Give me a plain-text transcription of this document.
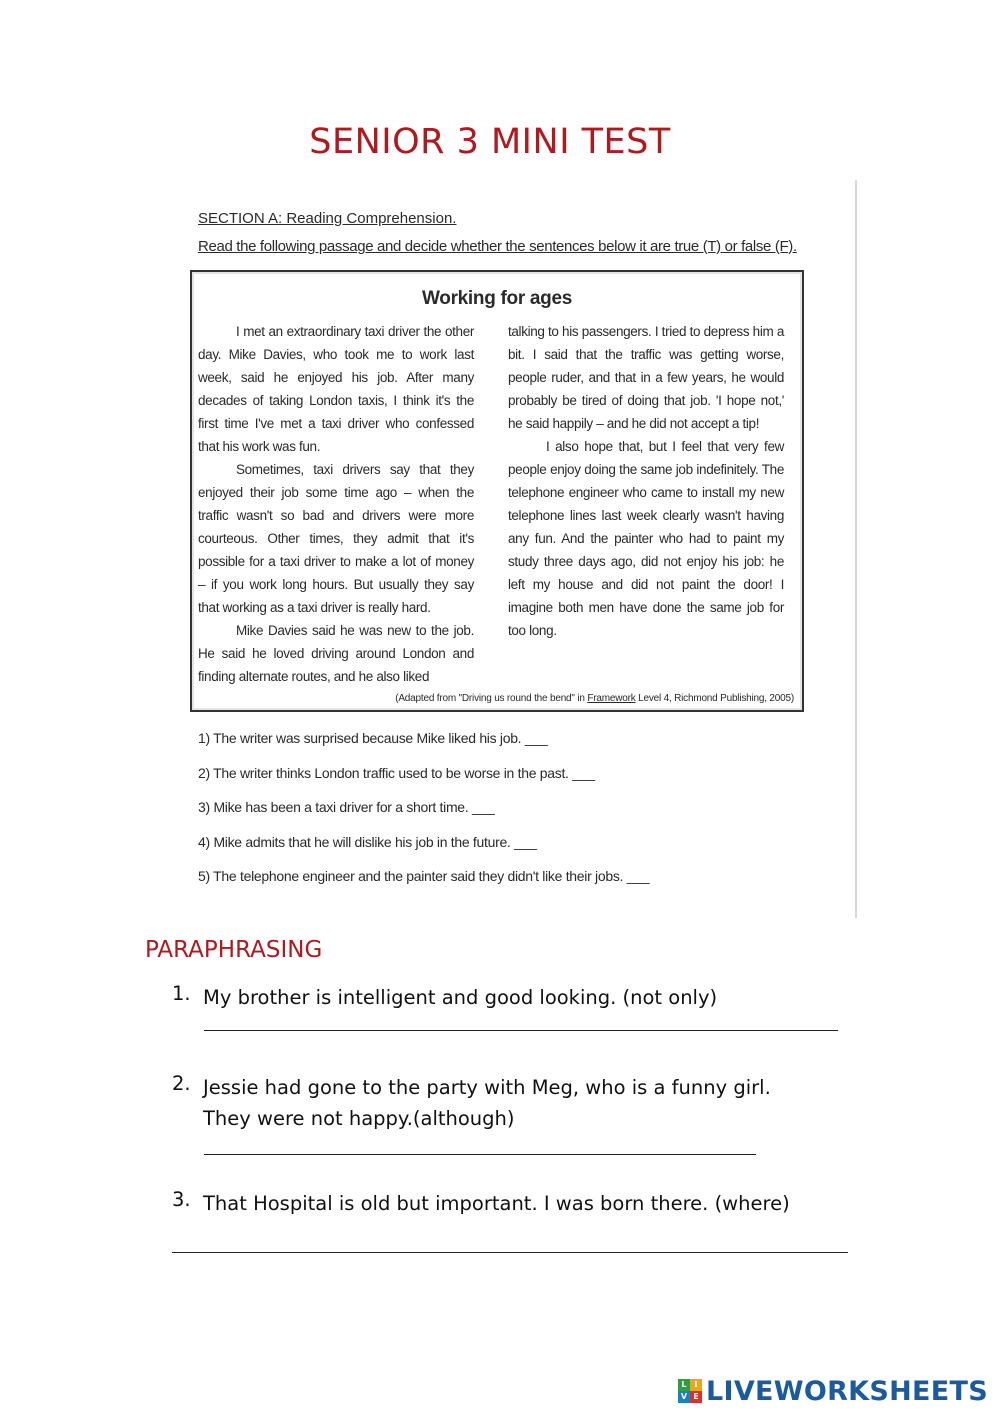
SENIOR 3 MINI TEST
SECTION A: Reading Comprehension.
Read the following passage and decide whether the sentences below it are true (T) or false (F).
Working for ages

I met an extraordinary taxi driver the other day. Mike Davies, who took me to work last week, said he enjoyed his job. After many decades of taking London taxis, I think it's the first time I've met a taxi driver who confessed that his work was fun.

Sometimes, taxi drivers say that they enjoyed their job some time ago – when the traffic wasn't so bad and drivers were more courteous. Other times, they admit that it's possible for a taxi driver to make a lot of money – if you work long hours. But usually they say that working as a taxi driver is really hard.

Mike Davies said he was new to the job. He said he loved driving around London and finding alternate routes, and he also liked

talking to his passengers. I tried to depress him a bit. I said that the traffic was getting worse, people ruder, and that in a few years, he would probably be tired of doing that job. 'I hope not,' he said happily – and he did not accept a tip!

I also hope that, but I feel that very few people enjoy doing the same job indefinitely. The telephone engineer who came to install my new telephone lines last week clearly wasn't having any fun. And the painter who had to paint my study three days ago, did not enjoy his job: he left my house and did not paint the door! I imagine both men have done the same job for too long.

(Adapted from "Driving us round the bend" in Framework Level 4, Richmond Publishing, 2005)
1) The writer was surprised because Mike liked his job. ___
2) The writer thinks London traffic used to be worse in the past. ___
3) Mike has been a taxi driver for a short time. ___
4) Mike admits that he will dislike his job in the future. ___
5) The telephone engineer and the painter said they didn't like their jobs. ___
PARAPHRASING
1. My brother is intelligent and good looking. (not only)
2. Jessie had gone to the party with Meg, who is a funny girl. They were not happy.(although)
3. That Hospital is old but important. I was born there. (where)
L I
V E LIVEWORKSHEETS
